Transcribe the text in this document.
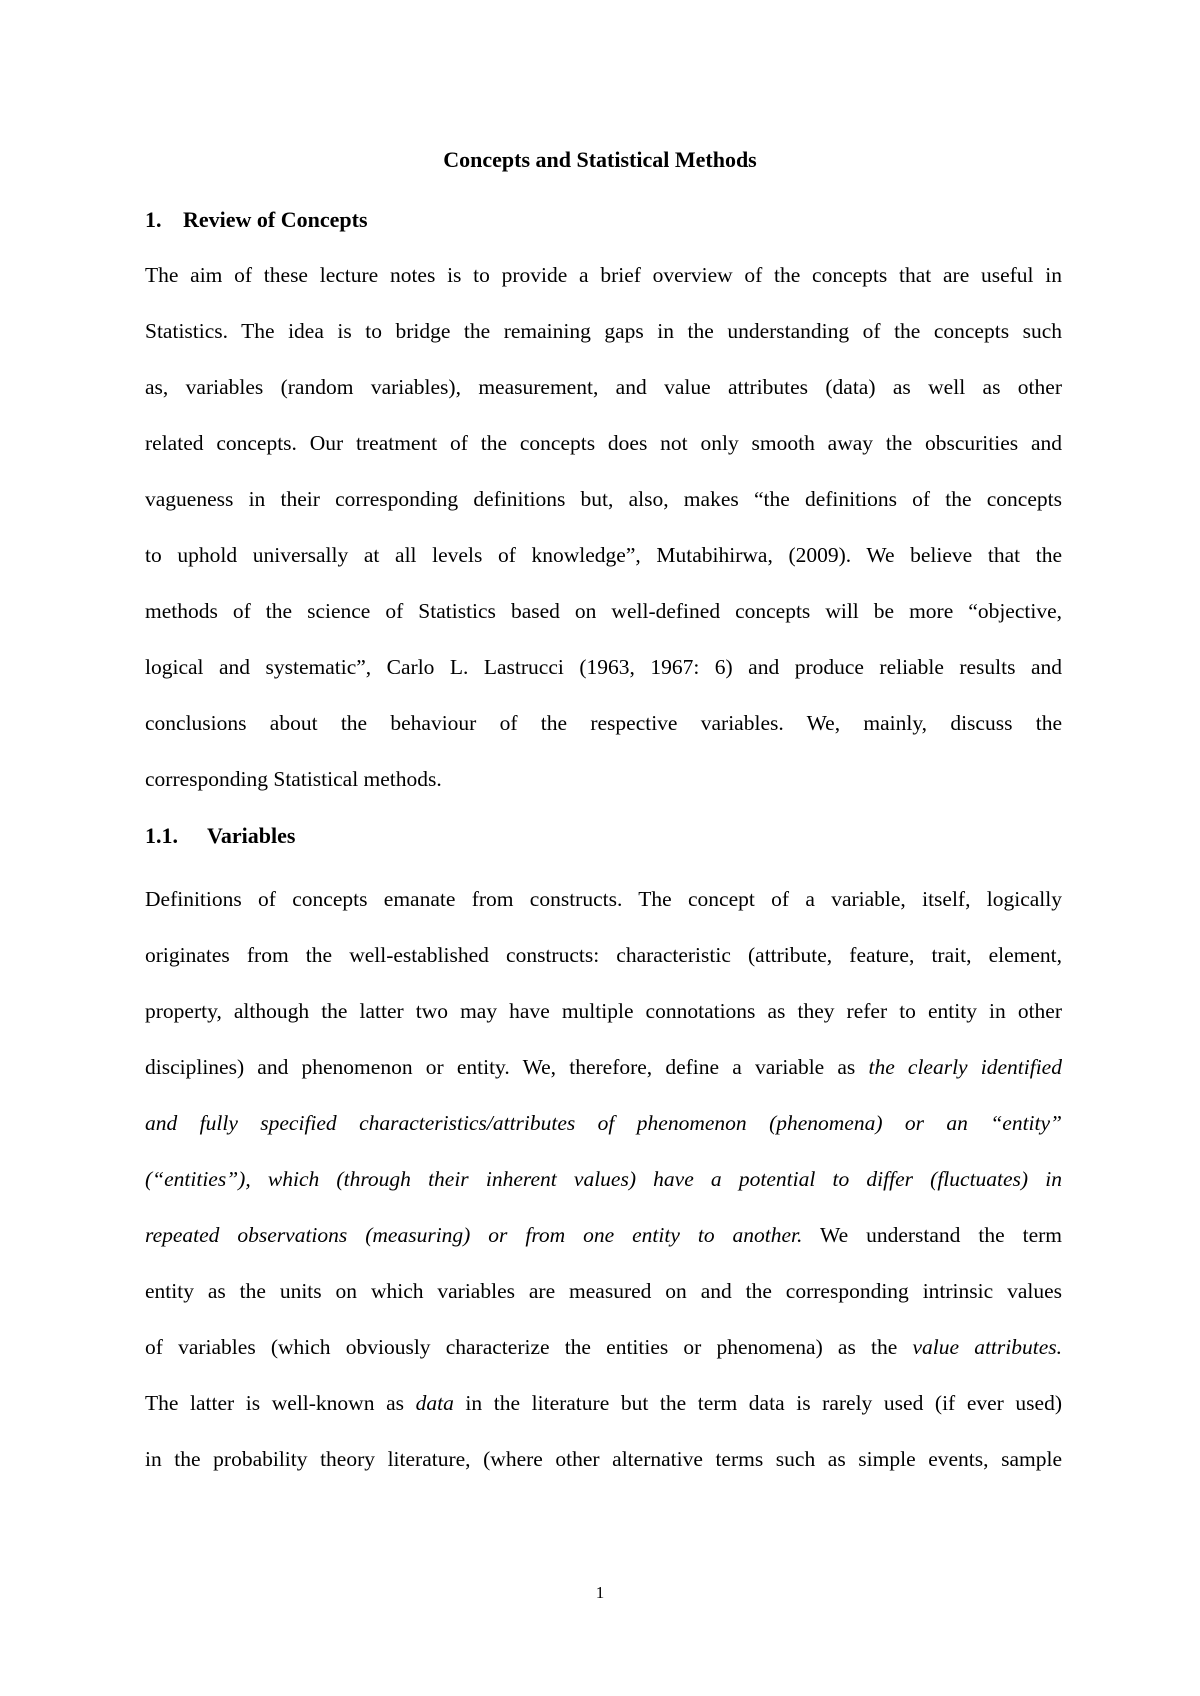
Concepts and Statistical Methods
1. Review of Concepts

The aim of these lecture notes is to provide a brief overview of the concepts that are useful in
Statistics. The idea is to bridge the remaining gaps in the understanding of the concepts such
as, variables (random variables), measurement, and value attributes (data) as well as other
related concepts. Our treatment of the concepts does not only smooth away the obscurities and
vagueness in their corresponding definitions but, also, makes “the definitions of the concepts
to uphold universally at all levels of knowledge”, Mutabihirwa, (2009). We believe that the
methods of the science of Statistics based on well-defined concepts will be more “objective,
logical and systematic”, Carlo L. Lastrucci (1963, 1967: 6) and produce reliable results and
conclusions about the behaviour of the respective variables. We, mainly, discuss the
corresponding Statistical methods.

1.1. Variables

Definitions of concepts emanate from constructs. The concept of a variable, itself, logically
originates from the well-established constructs: characteristic (attribute, feature, trait, element,
property, although the latter two may have multiple connotations as they refer to entity in other
disciplines) and phenomenon or entity. We, therefore, define a variable as the clearly identified
and fully specified characteristics/attributes of phenomenon (phenomena) or an “entity”
(“entities”), which (through their inherent values) have a potential to differ (fluctuates) in
repeated observations (measuring) or from one entity to another. We understand the term
entity as the units on which variables are measured on and the corresponding intrinsic values
of variables (which obviously characterize the entities or phenomena) as the value attributes.
The latter is well-known as data in the literature but the term data is rarely used (if ever used)
in the probability theory literature, (where other alternative terms such as simple events, sample

1
